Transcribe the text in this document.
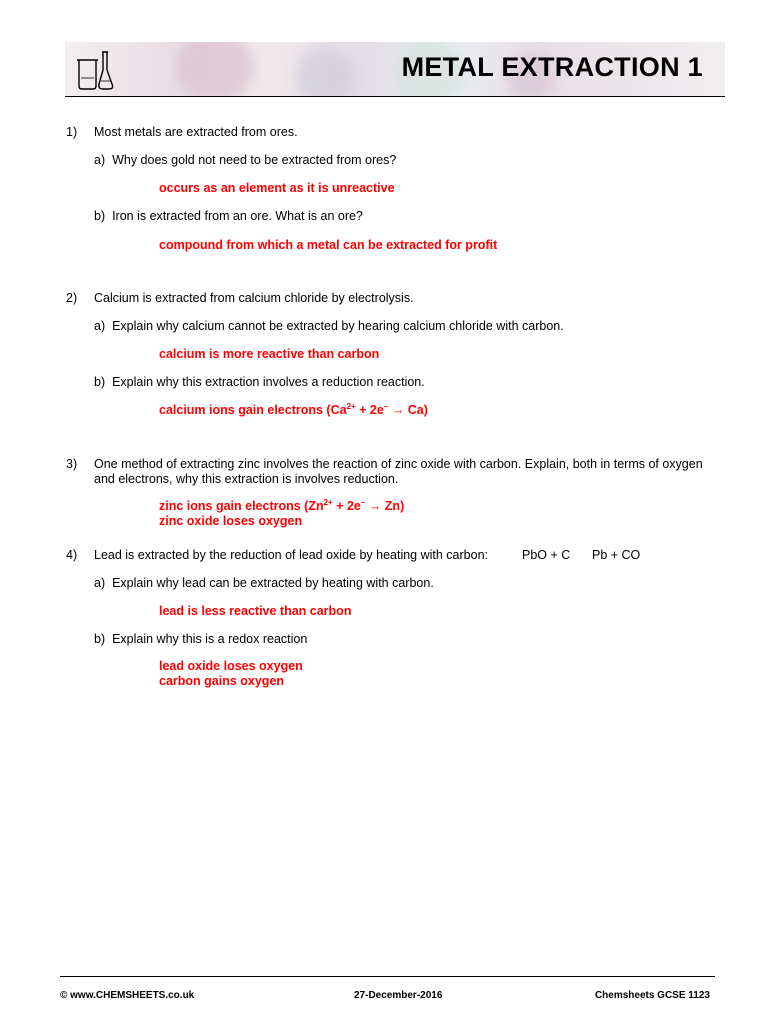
METAL EXTRACTION 1
1) Most metals are extracted from ores.
a) Why does gold not need to be extracted from ores?
occurs as an element as it is unreactive
b) Iron is extracted from an ore. What is an ore?
compound from which a metal can be extracted for profit
2) Calcium is extracted from calcium chloride by electrolysis.
a) Explain why calcium cannot be extracted by hearing calcium chloride with carbon.
calcium is more reactive than carbon
b) Explain why this extraction involves a reduction reaction.
calcium ions gain electrons $(Ca^{2+} + 2e^- \to Ca)$
3) One method of extracting zinc involves the reaction of zinc oxide with carbon. Explain, both in terms of oxygen and electrons, why this extraction is involves reduction.
zinc ions gain electrons $(Zn^{2+} + 2e^- \to Zn)$
zinc oxide loses oxygen
4) Lead is extracted by the reduction of lead oxide by heating with carbon:	PbO + C Pb + CO
a) Explain why lead can be extracted by heating with carbon.
lead is less reactive than carbon
b) Explain why this is a redox reaction
lead oxide loses oxygen
carbon gains oxygen
© www.CHEMSHEETS.co.uk	27-December-2016	Chemsheets GCSE 1123
